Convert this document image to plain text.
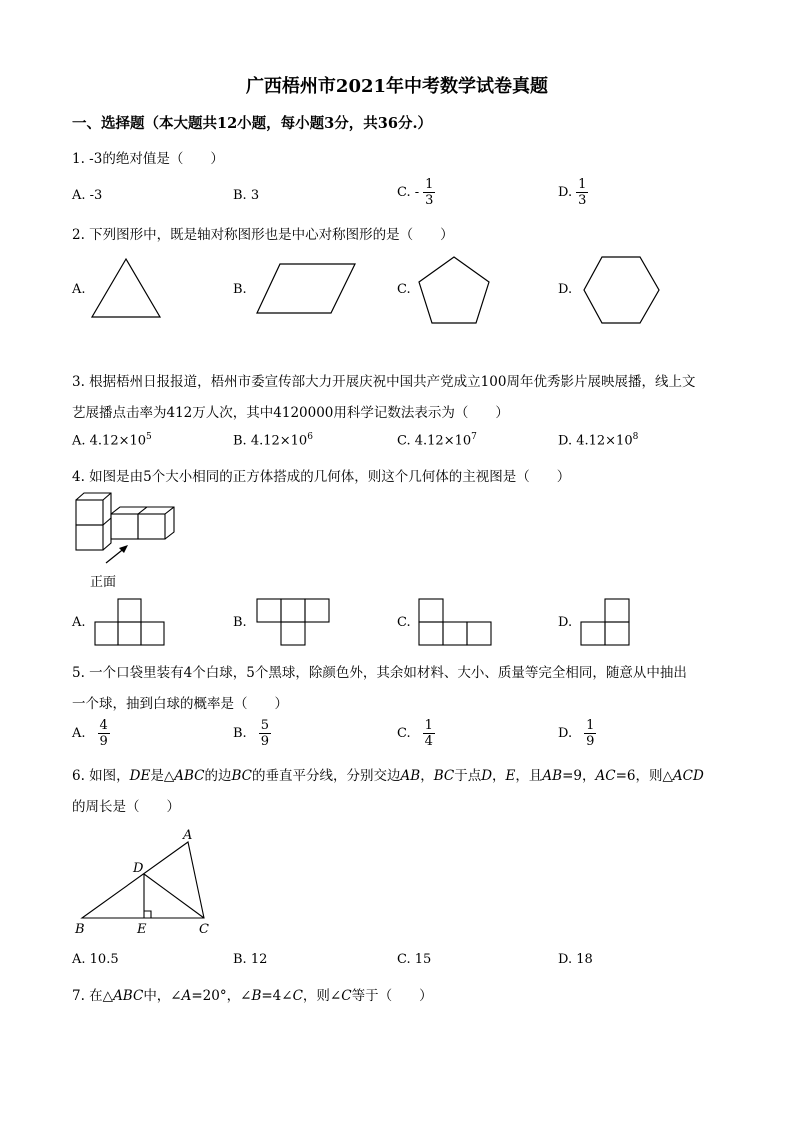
广西梧州市2021年中考数学试卷真题
一、选择题（本大题共12小题，每小题3分，共36分.）
1. -3的绝对值是（　　）
A. -3	B. 3	C. - $\frac{1}{3}$	D. $\frac{1}{3}$
2. 下列图形中，既是轴对称图形也是中心对称图形的是（　　）
A.	B.	C.	D.
3. 根据梧州日报报道，梧州市委宣传部大力开展庆祝中国共产党成立100周年优秀影片展映展播，线上文
艺展播点击率为412万人次，其中4120000用科学记数法表示为（　　）
A. $4.12\times 10^5$	B. $4.12\times 10^6$	C. $4.12\times 10^7$	D. $4.12\times 10^8$
4. 如图是由5个大小相同的正方体搭成的几何体，则这个几何体的主视图是（　　）
正面
A.	B.	C.	D.
5. 一个口袋里装有4个白球，5个黑球，除颜色外，其余如材料、大小、质量等完全相同，随意从中抽出
一个球，抽到白球的概率是（　　）
A. $\frac{4}{9}$	B. $\frac{5}{9}$	C. $\frac{1}{4}$	D. $\frac{1}{9}$
6. 如图，DE是△ABC的边BC的垂直平分线，分别交边AB，BC于点D，E，且AB=9，AC=6，则△ACD
的周长是（　　）
A
B	C
D
E
A. 10.5	B. 12	C. 15	D. 18
7. 在△ABC中，∠A=20°，∠B=4∠C，则∠C等于（　　）
